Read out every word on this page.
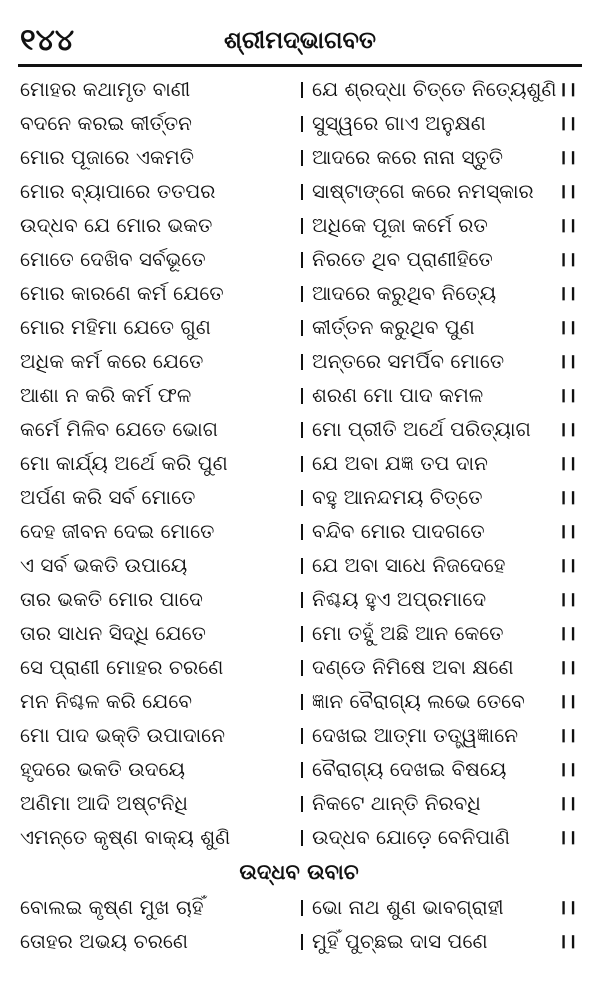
୧୪୪	ଶ୍ରୀମଦ୍ଭାଗବତ
ମୋହର କଥାମୃତ ବାଣୀ	ଯେ ଶ୍ରଦ୍ଧା ଚିତ୍ତେ ନିତ୍ୟେଶୁଣି ।।
ବଦନେ କରଇ କୀର୍ତ୍ତନ	ସୁସ୍ୱରେ ଗାଏ ଅନୁକ୍ଷଣ	।।
ମୋର ପୂଜାରେ ଏକମତି	ଆଦରେ କରେ ନାନା ସ୍ତୁତି	।।
ମୋର ବ୍ୟାପାରେ ତତପର	ସାଷ୍ଟାଙ୍ଗେ କରେ ନମସ୍କାର	।।
ଉଦ୍ଧବ ଯେ ମୋର ଭକତ	ଅଧିକେ ପୂଜା କର୍ମେ ରତ	।।
ମୋତେ ଦେଖିବ ସର୍ବଭୂତେ	ନିରତେ ଥିବ ପ୍ରାଣୀହିତେ	।।
ମୋର କାରଣେ କର୍ମ ଯେତେ	ଆଦରେ କରୁଥିବ ନିତ୍ୟେ	।।
ମୋର ମହିମା ଯେତେ ଗୁଣ	କୀର୍ତ୍ତନ କରୁଥିବ ପୁଣ	।।
ଅଧିକ କର୍ମ କରେ ଯେତେ	ଅନ୍ତରେ ସମର୍ପିବ ମୋତେ	।।
ଆଶା ନ କରି କର୍ମ ଫଳ	ଶରଣ ମୋ ପାଦ କମଳ	।।
କର୍ମେ ମିଳିବ ଯେତେ ଭୋଗ	ମୋ ପ୍ରୀତି ଅର୍ଥେ ପରିତ୍ୟାଗ	।।
ମୋ କାର୍ଯ୍ୟ ଅର୍ଥେ କରି ପୁଣ	ଯେ ଅବା ଯଜ୍ଞ ତପ ଦାନ	।।
ଅର୍ପଣ କରି ସର୍ବ ମୋତେ	ବହୁ ଆନନ୍ଦମୟ ଚିତ୍ତେ	।।
ଦେହ ଜୀବନ ଦେଇ ମୋତେ	ବନ୍ଦିବ ମୋର ପାଦଗତେ	।।
ଏ ସର୍ବ ଭକତି ଉପାୟେ	ଯେ ଅବା ସାଧେ ନିଜଦେହେ	।।
ତାର ଭକତି ମୋର ପାଦେ	ନିଶ୍ଚୟ ହୁଏ ଅପ୍ରମାଦେ	।।
ତାର ସାଧନ ସିଦ୍ଧି ଯେତେ	ମୋ ତହୁଁ ଅଛି ଆନ କେତେ	।।
ସେ ପ୍ରାଣୀ ମୋହର ଚରଣେ	ଦଣ୍ଡେ ନିମିଷେ ଅବା କ୍ଷଣେ	।।
ମନ ନିଶ୍ଚଳ କରି ଯେବେ	ଜ୍ଞାନ ବୈରାଗ୍ୟ ଲଭେ ତେବେ	।।
ମୋ ପାଦ ଭକ୍ତି ଉପାଦାନେ	ଦେଖଇ ଆତ୍ମା ତତ୍ତ୍ୱଜ୍ଞାନେ	।।
ହୃଦରେ ଭକତି ଉଦୟେ	ବୈରାଗ୍ୟ ଦେଖଇ ବିଷୟେ	।।
ଅଣିମା ଆଦି ଅଷ୍ଟନିଧି	ନିକଟେ ଥାନ୍ତି ନିରବଧି	।।
ଏମନ୍ତେ କୃଷ୍ଣ ବାକ୍ୟ ଶୁଣି	ଉଦ୍ଧବ ଯୋଡ଼େ ବେନିପାଣି	।।
ଉଦ୍ଧବ ଉବାଚ
ବୋଲଇ କୃଷ୍ଣ ମୁଖ ଚାହିଁ	ଭୋ ନାଥ ଶୁଣ ଭାବଗ୍ରାହୀ	।।
ତୋହର ଅଭୟ ଚରଣେ	ମୁହିଁ ପୁଚ୍ଛଇ ଦାସ ପଣେ	।।
